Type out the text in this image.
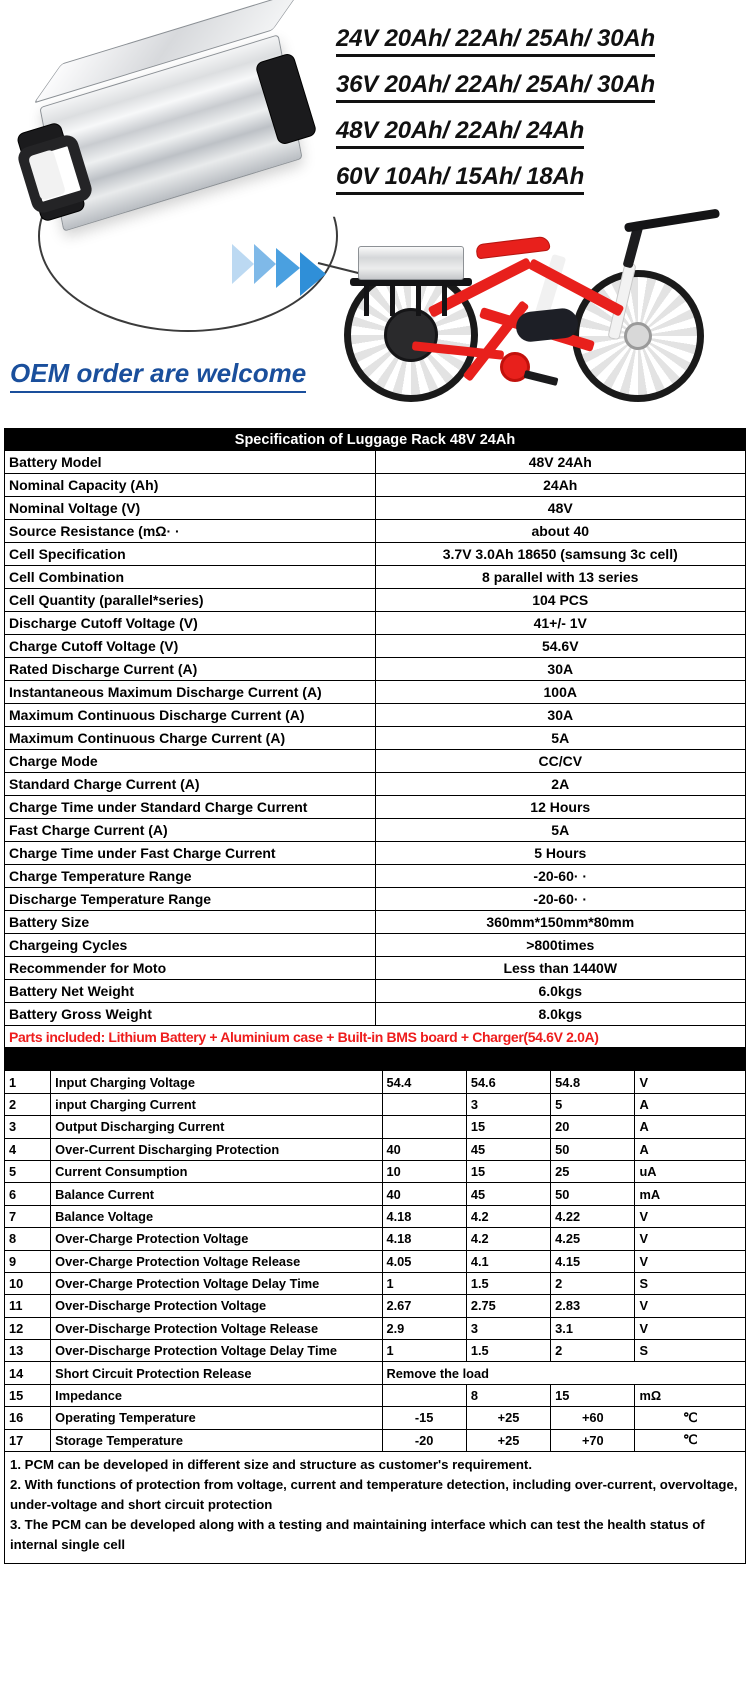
24V 20Ah/ 22Ah/ 25Ah/ 30Ah
36V 20Ah/ 22Ah/ 25Ah/ 30Ah
48V 20Ah/ 22Ah/ 24Ah
60V 10Ah/ 15Ah/ 18Ah
OEM order are welcome
Specification of Luggage Rack 48V 24Ah	
Battery Model	48V 24Ah
Nominal Capacity (Ah)	24Ah
Nominal Voltage (V)	48V
Source Resistance (mΩ· ·	about 40
Cell Specification	3.7V 3.0Ah 18650 (samsung 3c cell)
Cell Combination	8 parallel with 13 series
Cell Quantity (parallel*series)	104 PCS
Discharge Cutoff Voltage (V)	41+/- 1V
Charge Cutoff Voltage (V)	54.6V
Rated Discharge Current (A)	30A
Instantaneous Maximum Discharge Current (A)	100A
Maximum Continuous Discharge Current (A)	30A
Maximum Continuous Charge Current (A)	5A
Charge Mode	CC/CV
Standard Charge Current (A)	2A
Charge Time under Standard Charge Current	12 Hours
Fast Charge Current (A)	5A
Charge Time under Fast Charge Current	5 Hours
Charge Temperature Range	-20-60· ·
Discharge Temperature Range	-20-60· ·
Battery Size	360mm*150mm*80mm
Chargeing Cycles	>800times
Recommender for Moto	Less than 1440W
Battery Net Weight	6.0kgs
Battery Gross Weight	8.0kgs
Parts included: Lithium Battery + Aluminium case + Built-in BMS board + Charger(54.6V 2.0A)	
No.	Test Item	Min.	Typ.	Max.	Unit
1	Input Charging Voltage	54.4	54.6	54.8	V
2	input Charging Current		3	5	A
3	Output Discharging Current		15	20	A
4	Over-Current Discharging Protection	40	45	50	A
5	Current Consumption	10	15	25	uA
6	Balance Current	40	45	50	mA
7	Balance Voltage	4.18	4.2	4.22	V
8	Over-Charge Protection Voltage	4.18	4.2	4.25	V
9	Over-Charge Protection Voltage Release	4.05	4.1	4.15	V
10	Over-Charge Protection Voltage Delay Time	1	1.5	2	S
11	Over-Discharge Protection Voltage	2.67	2.75	2.83	V
12	Over-Discharge Protection Voltage Release	2.9	3	3.1	V
13	Over-Discharge Protection Voltage Delay Time	1	1.5	2	S
14	Short Circuit Protection Release	Remove the load			
15	Impedance		8	15	mΩ
16	Operating Temperature	-15	+25	+60	℃
17	Storage Temperature	-20	+25	+70	℃

1. PCM can be developed in different size and structure as customer's requirement.
2. With functions of protection from voltage, current and temperature detection, including over-current, overvoltage, under-voltage and short circuit protection
3. The PCM can be developed along with a testing and maintaining interface which can test the health status of internal single cell					
